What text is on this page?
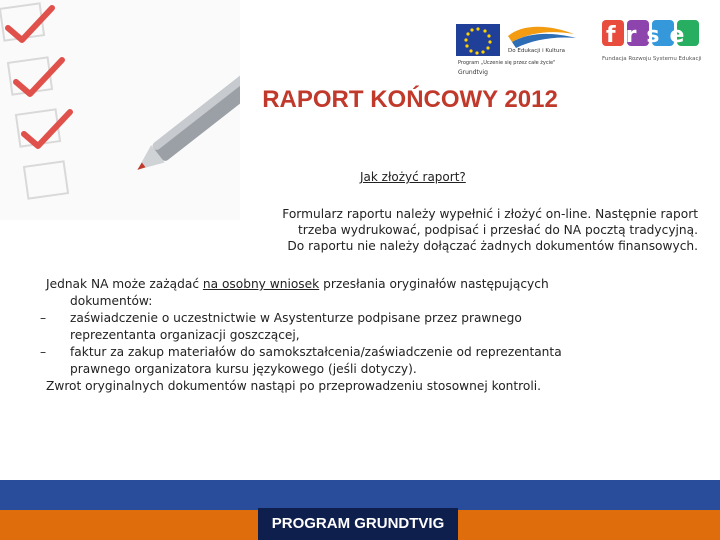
Do Edukacji i Kultura
Program „Uczenie się przez całe życie"
Grundtvig
frse
Fundacja Rozwoju Systemu Edukacji
RAPORT KOŃCOWY 2012
Jak złożyć raport?
Formularz raportu należy wypełnić i złożyć on-line. Następnie raport
trzeba wydrukować, podpisać i przesłać do NA pocztą tradycyjną.
Do raportu nie należy dołączać żadnych dokumentów finansowych.

Jednak NA może zażądać na osobny wniosek przesłania oryginałów następujących

dokumentów:

– zaświadczenie o uczestnictwie w Asystenturze podpisane przez prawnego

reprezentanta organizacji goszczącej,

– faktur za zakup materiałów do samokształcenia/zaświadczenie od reprezentanta

prawnego organizatora kursu językowego (jeśli dotyczy).

Zwrot oryginalnych dokumentów nastąpi po przeprowadzeniu stosownej kontroli.

PROGRAM GRUNDTVIG
